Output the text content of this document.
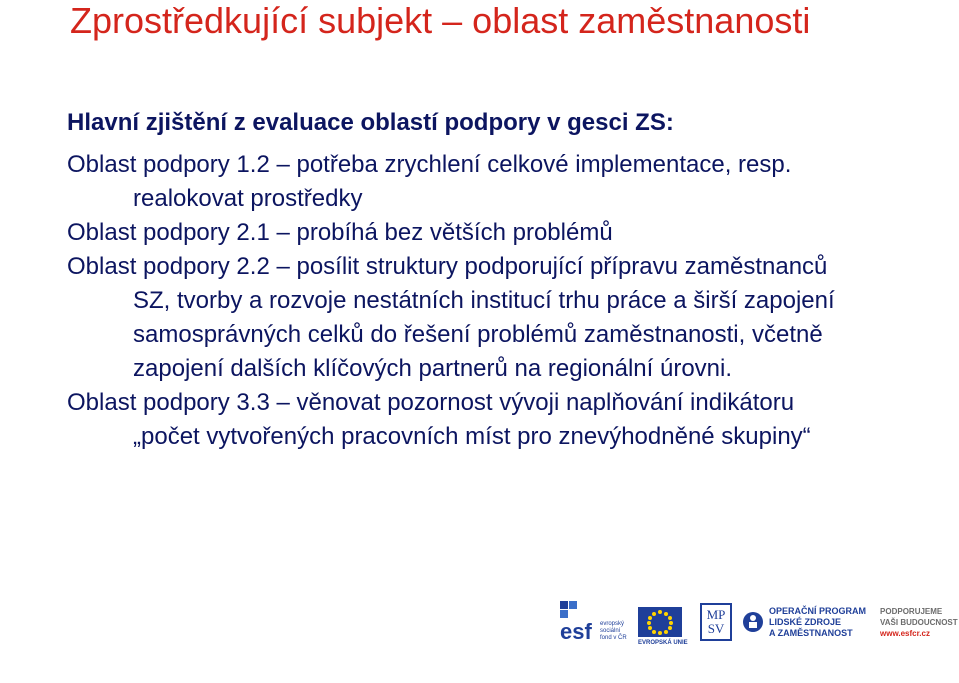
Zprostředkující subjekt – oblast zaměstnanosti
Hlavní zjištění z evaluace oblastí podpory v gesci ZS:
Oblast podpory 1.2 – potřeba zrychlení celkové implementace, resp.
realokovat prostředky
Oblast podpory 2.1 – probíhá bez větších problémů
Oblast podpory 2.2 – posílit struktury podporující přípravu zaměstnanců
SZ, tvorby a rozvoje nestátních institucí trhu práce a širší zapojení
samosprávných celků do řešení problémů zaměstnanosti, včetně
zapojení dalších klíčových partnerů na regionální úrovni.
Oblast podpory 3.3 – věnovat pozornost vývoji naplňování indikátoru
„počet vytvořených pracovních míst pro znevýhodněné skupiny“
esf evropský
sociální
fond v ČR
EVROPSKÁ UNIE
MP
SV
OPERAČNÍ PROGRAM
LIDSKÉ ZDROJE
A ZAMĚSTNANOST
PODPORUJEME
VAŠI BUDOUCNOST
www.esfcr.cz
